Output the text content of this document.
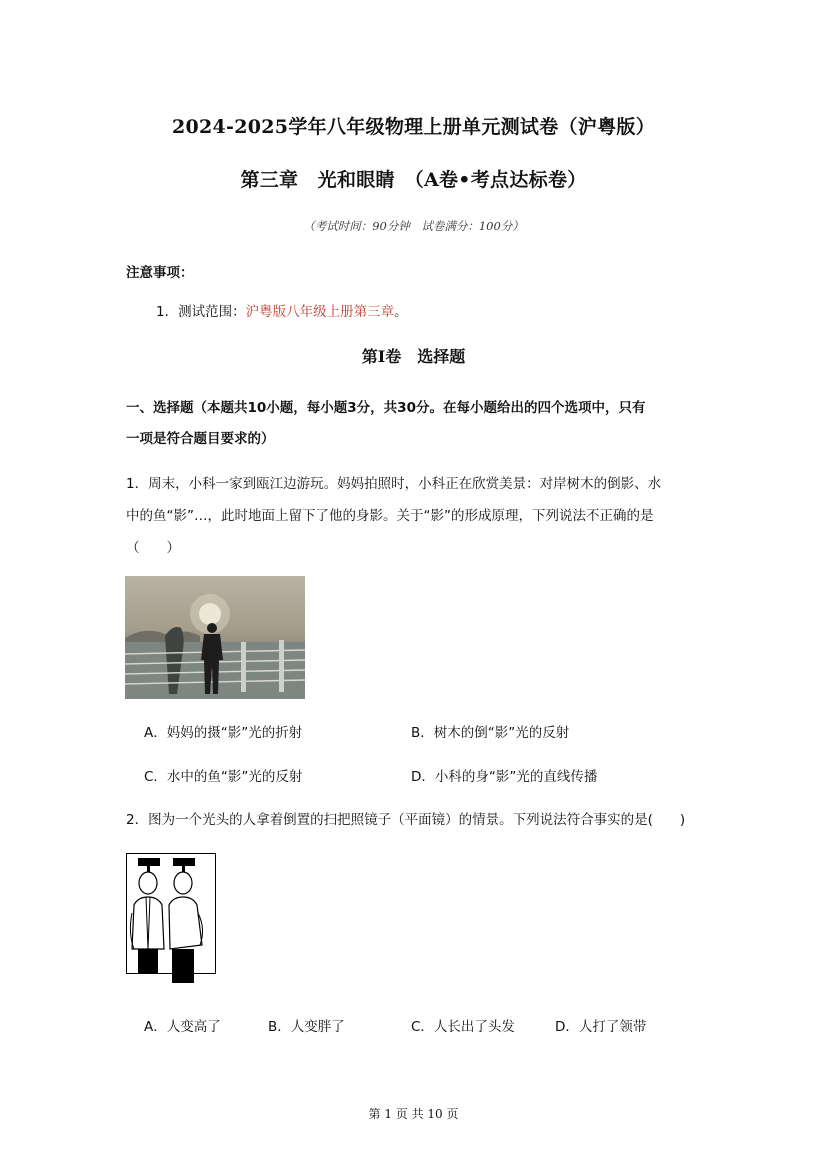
2024-2025学年八年级物理上册单元测试卷（沪粤版）
第三章　光和眼睛　（A卷•考点达标卷）
（考试时间：90分钟　试卷满分：100分）
注意事项：
1．测试范围：沪粤版八年级上册第三章。
第Ⅰ卷　选择题
一、选择题（本题共10小题，每小题3分，共30分。在每小题给出的四个选项中，只有
一项是符合题目要求的）
1．周末，小科一家到瓯江边游玩。妈妈拍照时，小科正在欣赏美景：对岸树木的倒影、水
中的鱼“影”…，此时地面上留下了他的身影。关于“影”的形成原理，下列说法不正确的是
（　　）
A．妈妈的摄“影”光的折射	B．树木的倒“影”光的反射
C．水中的鱼“影”光的反射	D．小科的身“影”光的直线传播
2．图为一个光头的人拿着倒置的扫把照镜子（平面镜）的情景。下列说法符合事实的是(　　)
A．人变高了	B．人变胖了	C．人长出了头发	D．人打了领带
第 1 页 共 10 页
